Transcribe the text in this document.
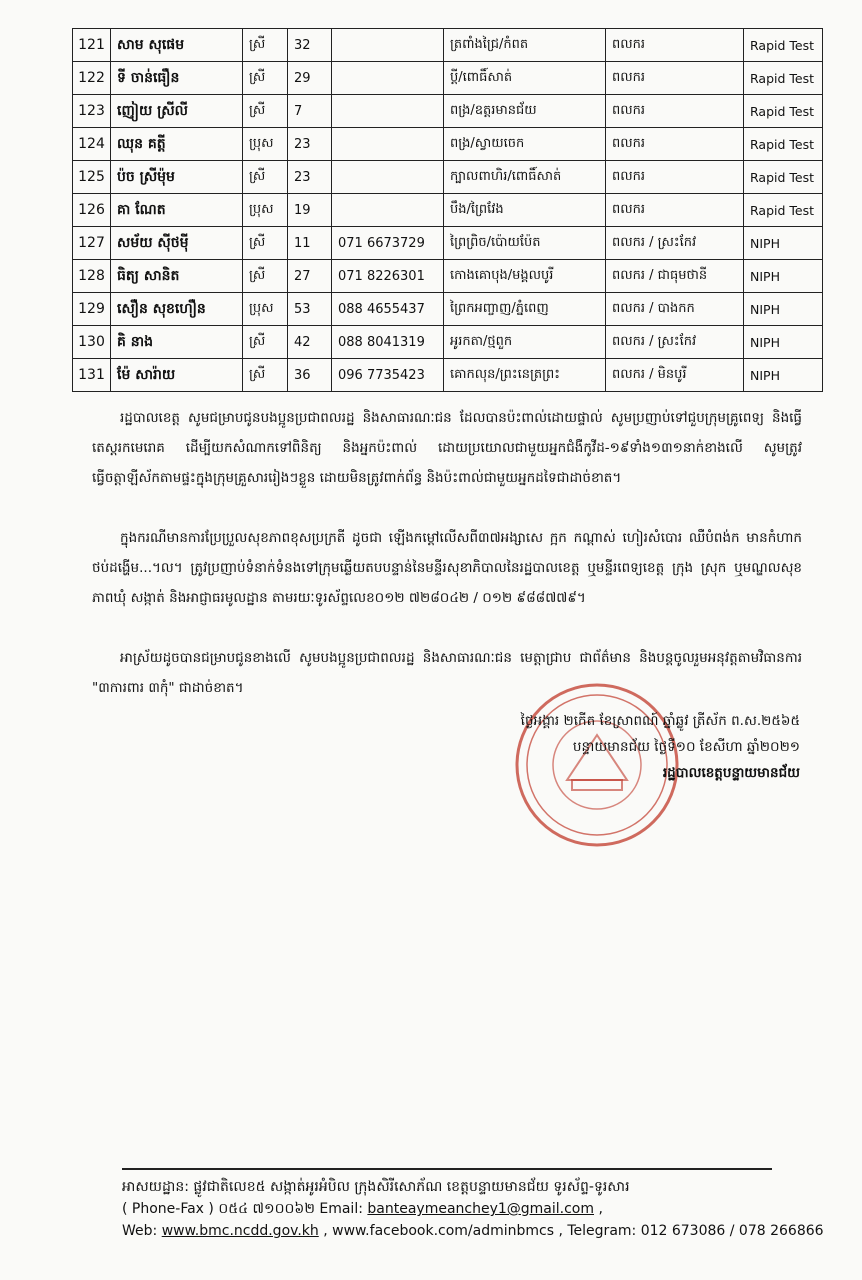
121	សាម សុផេម	ស្រី	32		ត្រពាំងជ្រៃ/កំពត	ពលករ	Rapid Test
122	ទី ចាន់ធឿន	ស្រី	29		ប្តី/ពោធិ៍សាត់	ពលករ	Rapid Test
123	ញៀយ ស្រីលី	ស្រី	7		ពង្រ/ឧត្តរមានជ័យ	ពលករ	Rapid Test
124	ឈុន គត្តី	ប្រុស	23		ពង្រ/ស្វាយចេក	ពលករ	Rapid Test
125	ប៉ច ស្រីម៉ុម	ស្រី	23		ក្បាលពាហិរ/ពោធិ៍សាត់	ពលករ	Rapid Test
126	គា ណែត	ប្រុស	19		បឹង/ព្រៃវែង	ពលករ	Rapid Test
127	សម័យ ស៊ីថម៉ី	ស្រី	11	071 6673729	ព្រៃព្រិច/ប៉ោយប៉ែត	ពលករ / ស្រះកែវ	NIPH
128	ធិត្យ សានិត	ស្រី	27	071 8226301	កោងគោបុង/មង្គលបូរី	ពលករ / ជាធុមថានី	NIPH
129	សឿន សុខហឿន	ប្រុស	53	088 4655437	ព្រៃកអញ្ចាញ/ភ្នំពេញ	ពលករ / បាងកក	NIPH
130	គិ នាង	ស្រី	42	088 8041319	អូរកតា/ថ្មពួក	ពលករ / ស្រះកែវ	NIPH
131	ម៉ែ សារ៉ាយ	ស្រី	36	096 7735423	គោកលុន/ព្រះនេត្រព្រះ	ពលករ / មិនបូរី	NIPH

រដ្ឋបាលខេត្ត សូមជម្រាបជូនបងប្អូនប្រជាពលរដ្ឋ និងសាធារណៈជន ដែលបានប៉ះពាល់ដោយផ្ទាល់ សូមប្រញាប់ទៅជួបក្រុមគ្រូពេទ្យ និងធ្វើតេស្តរកមេរោគ ដើម្បីយកសំណាកទៅពិនិត្យ និងអ្នកប៉ះពាល់ ដោយប្រយោលជាមួយអ្នកជំងឺកូវីដ-១៩ទាំង១៣១នាក់ខាងលើ សូមត្រូវធ្វើចត្តាឡីស័កតាមផ្ទះក្នុងក្រុមគ្រួសាររៀងៗខ្លួន ដោយមិនត្រូវពាក់ព័ន្ធ និងប៉ះពាល់ជាមួយអ្នកដទៃជាដាច់ខាត។

ក្នុងករណីមានការប្រែប្រួលសុខភាពខុសប្រក្រតី ដូចជា ឡើងកម្តៅលើសពី៣៧អង្សាសេ ក្អក កណ្តាស់ ហៀរសំបោរ ឈឺបំពង់ក មានកំហាក ថប់ដង្ហើម...។ល។ ត្រូវប្រញាប់ទំនាក់ទំនងទៅក្រុមឆ្លើយតបបន្ទាន់នៃមន្ទីរសុខាភិបាលនៃរដ្ឋបាលខេត្ត ឬមន្ទីរពេទ្យខេត្ត ក្រុង ស្រុក ឬមណ្ឌលសុខភាពឃុំ សង្កាត់ និងអាជ្ញាធរមូលដ្ឋាន តាមរយៈទូរស័ព្ទលេខ០១២ ៧២៨០៤២ / ០១២ ៩៨៨៧៧៩។

អាស្រ័យដូចបានជម្រាបជូនខាងលើ សូមបងប្អូនប្រជាពលរដ្ឋ និងសាធារណៈជន មេត្តាជ្រាប ជាព័ត៌មាន និងបន្តចូលរួមអនុវត្តតាមវិធានការ "៣ការពារ ៣កុំ" ជាដាច់ខាត។

ថ្ងៃអង្គារ ២កើត ខែស្រាពណ៍ ឆ្នាំឆ្លូវ ត្រីស័ក ព.ស.២៥៦៥
បន្ទាយមានជ័យ ថ្ងៃទី១០ ខែសីហា ឆ្នាំ២០២១
រដ្ឋបាលខេត្តបន្ទាយមានជ័យ
អាសយដ្ឋាន: ផ្លូវជាតិលេខ៥ សង្កាត់អូរអំបិល ក្រុងសិរីសោភ័ណ ខេត្តបន្ទាយមានជ័យ ទូរស័ព្ទ-ទូរសារ
( Phone-Fax ) ០៥៤ ៧១០០៦២ Email: banteaymeanchey1@gmail.com ,
Web: www.bmc.ncdd.gov.kh , www.facebook.com/adminbmcs , Telegram: 012 673086 / 078 266866
